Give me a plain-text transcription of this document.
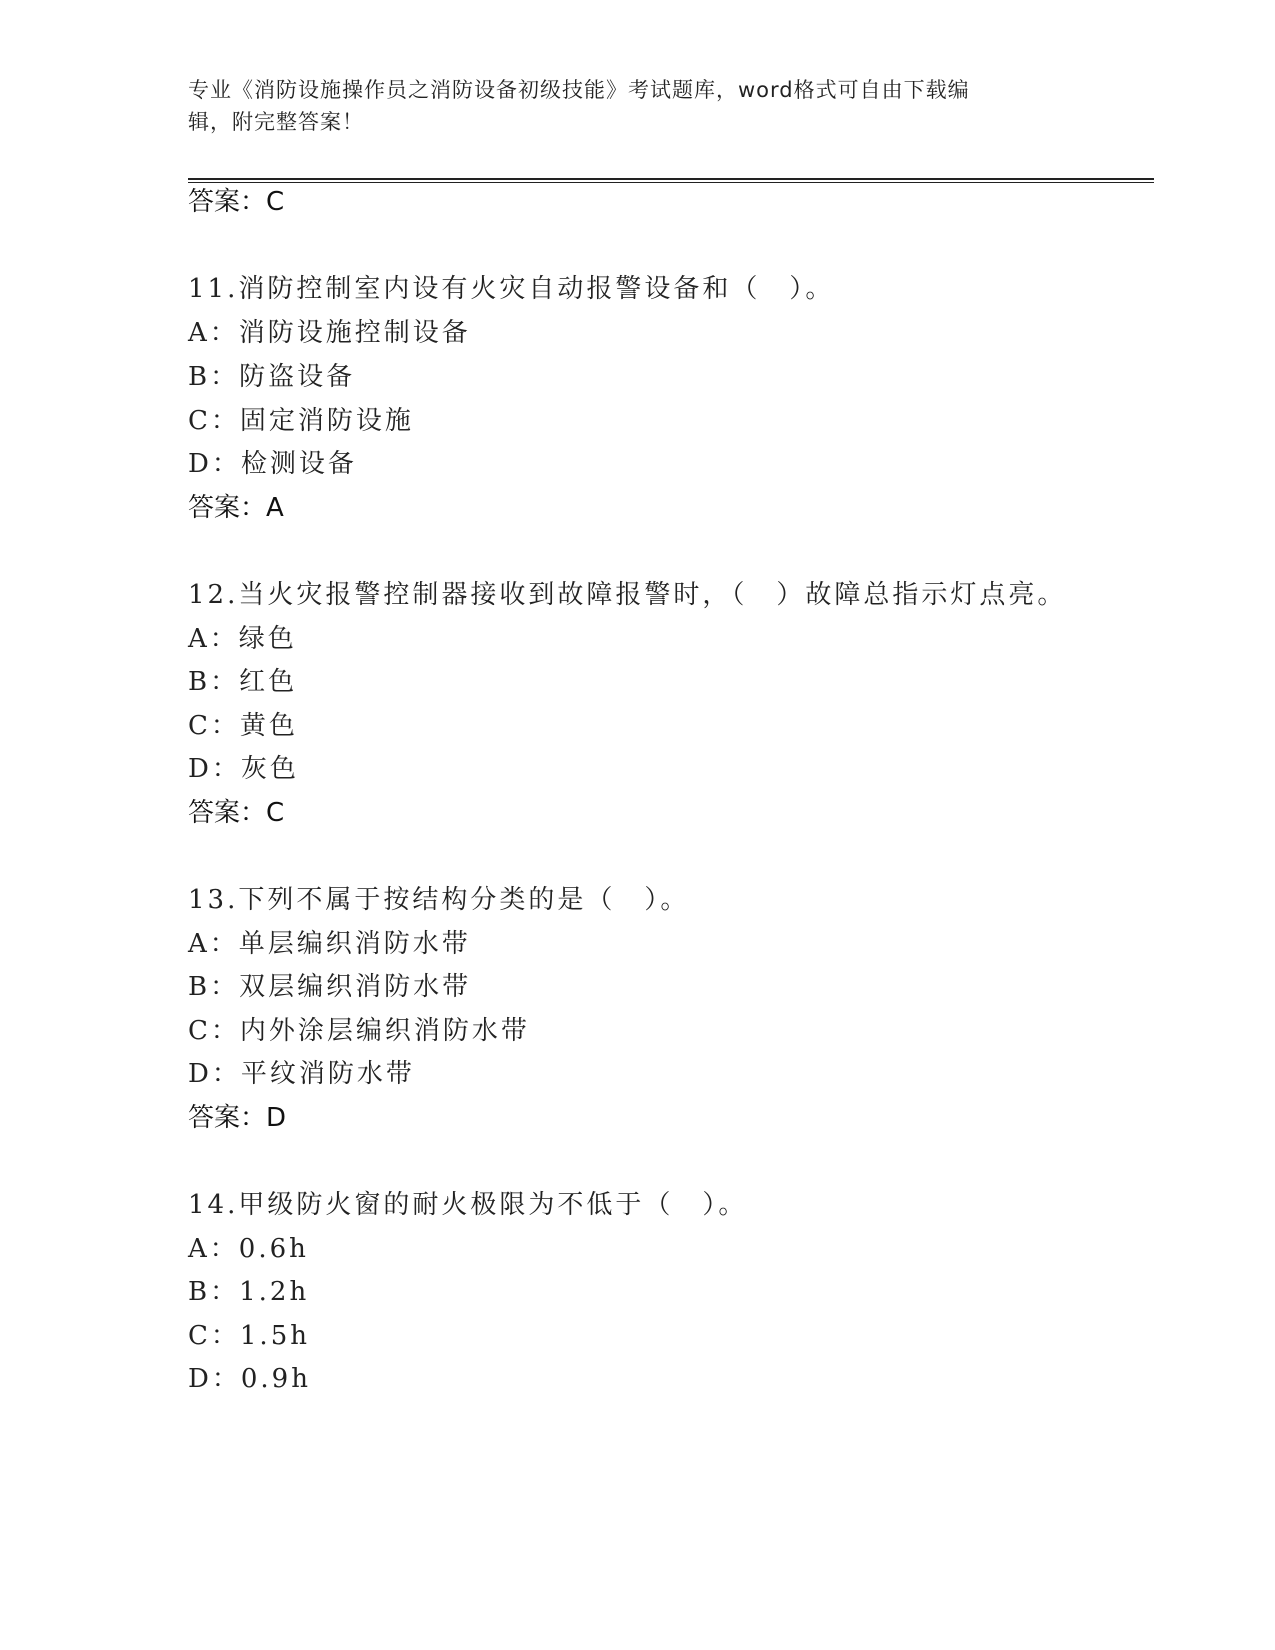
专业《消防设施操作员之消防设备初级技能》考试题库，word格式可自由下载编
辑，附完整答案！
答案：C
11.消防控制室内设有火灾自动报警设备和（　）。
A：消防设施控制设备
B：防盗设备
C：固定消防设施
D：检测设备
答案：A
12.当火灾报警控制器接收到故障报警时，（　）故障总指示灯点亮。
A：绿色
B：红色
C：黄色
D：灰色
答案：C
13.下列不属于按结构分类的是（　）。
A：单层编织消防水带
B：双层编织消防水带
C：内外涂层编织消防水带
D：平纹消防水带
答案：D
14.甲级防火窗的耐火极限为不低于（　）。
A：0.6h
B：1.2h
C：1.5h
D：0.9h
